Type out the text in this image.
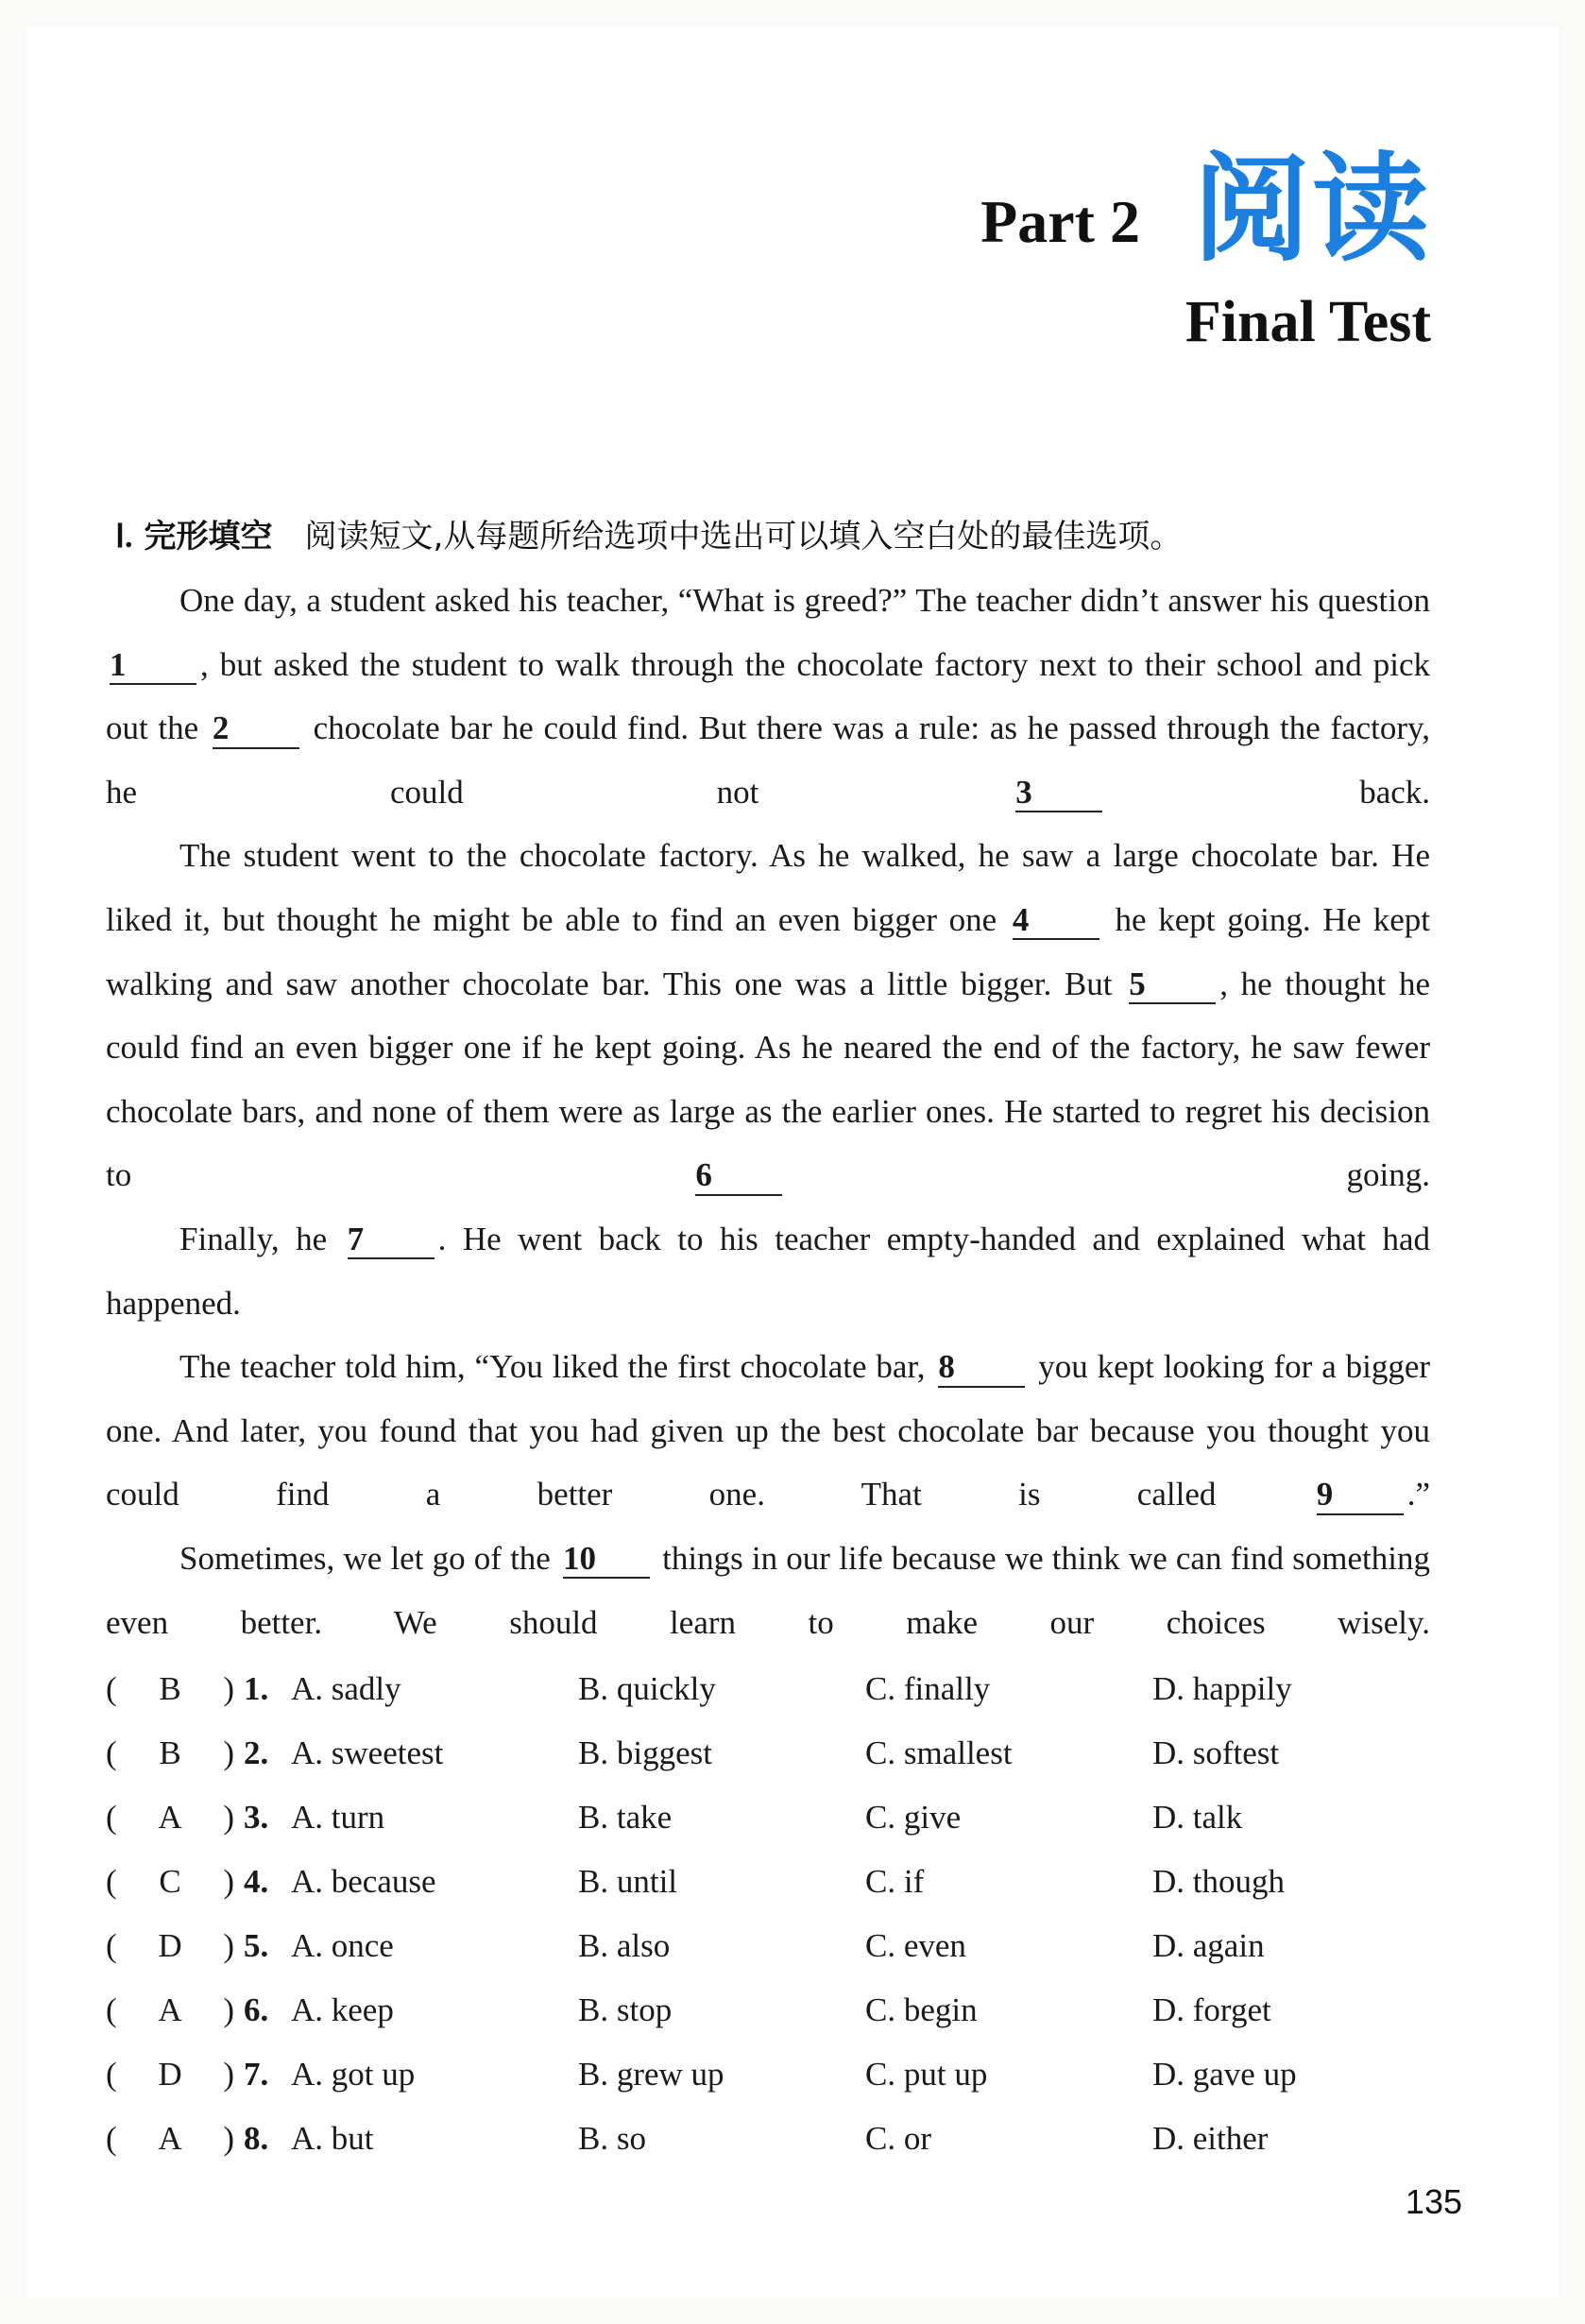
Part 2 阅读
Final Test
Ⅰ. 完形填空 阅读短文,从每题所给选项中选出可以填入空白处的最佳选项。

One day, a student asked his teacher, “What is greed?” The teacher didn’t answer his question 1 , but asked the student to walk through the chocolate factory next to their school and pick out the 2	chocolate bar he could find. But there was a rule: as he passed through the factory, he could not	3	back.

The student went to the chocolate factory. As he walked, he saw a large chocolate bar. He liked it, but thought he might be able to find an even bigger one 4	he kept going. He kept walking and saw another chocolate bar. This one was a little bigger. But 5 , he thought he could find an even bigger one if he kept going. As he neared the end of the factory, he saw fewer chocolate bars, and none of them were as large as the earlier ones. He started to regret his decision to	6	going.

Finally, he 7 . He went back to his teacher empty-handed and explained what had happened.

The teacher told him, “You liked the first chocolate bar, 8	you kept looking for a bigger one. And later, you found that you had given up the best chocolate bar because you thought you could find a better one. That is called	9 .”

Sometimes, we let go of the 10 things in our life because we think we can find something even better. We should learn to make our choices wisely.

(	B	) 1. A. sadly	B. quickly	C. finally	D. happily
(	B	) 2. A. sweetest	B. biggest	C. smallest	D. softest
(	A	) 3. A. turn	B. take	C. give	D. talk
(	C	) 4. A. because	B. until	C. if	D. though
(	D	) 5. A. once	B. also	C. even	D. again
(	A	) 6. A. keep	B. stop	C. begin	D. forget
(	D	) 7. A. got up	B. grew up	C. put up	D. gave up
(	A	) 8. A. but	B. so	C. or	D. either
135
